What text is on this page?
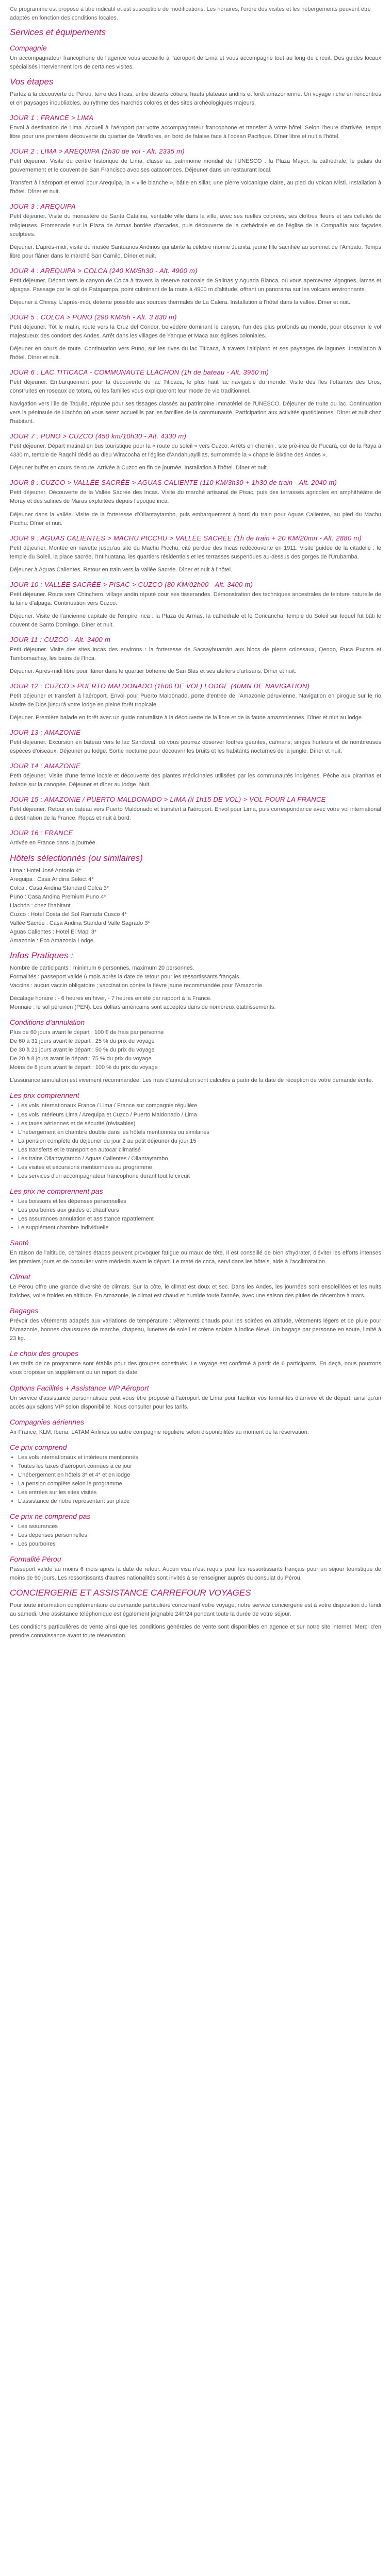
Ce programme est proposé à titre indicatif et est susceptible de modifications. Les horaires, l'ordre des visites et les hébergements peuvent être adaptés en fonction des conditions locales.

Services et équipements
Compagnie

Un accompagnateur francophone de l'agence vous accueille à l'aéroport de Lima et vous accompagne tout au long du circuit. Des guides locaux spécialisés interviennent lors de certaines visites.

Vos étapes

Partez à la découverte du Pérou, terre des Incas, entre déserts côtiers, hauts plateaux andins et forêt amazonienne. Un voyage riche en rencontres et en paysages inoubliables, au rythme des marchés colorés et des sites archéologiques majeurs.

JOUR 1 : FRANCE > LIMA

Envol à destination de Lima. Accueil à l'aéroport par votre accompagnateur francophone et transfert à votre hôtel. Selon l'heure d'arrivée, temps libre pour une première découverte du quartier de Miraflores, en bord de falaise face à l'océan Pacifique. Dîner libre et nuit à l'hôtel.

JOUR 2 : LIMA > AREQUIPA (1h30 de vol - Alt. 2335 m)

Petit déjeuner. Visite du centre historique de Lima, classé au patrimoine mondial de l'UNESCO : la Plaza Mayor, la cathédrale, le palais du gouvernement et le couvent de San Francisco avec ses catacombes. Déjeuner dans un restaurant local.

Transfert à l'aéroport et envol pour Arequipa, la « ville blanche », bâtie en sillar, une pierre volcanique claire, au pied du volcan Misti. Installation à l'hôtel. Dîner et nuit.

JOUR 3 : AREQUIPA

Petit déjeuner. Visite du monastère de Santa Catalina, véritable ville dans la ville, avec ses ruelles colorées, ses cloîtres fleuris et ses cellules de religieuses. Promenade sur la Plaza de Armas bordée d'arcades, puis découverte de la cathédrale et de l'église de la Compañía aux façades sculptées.

Déjeuner. L'après-midi, visite du musée Santuarios Andinos qui abrite la célèbre momie Juanita, jeune fille sacrifiée au sommet de l'Ampato. Temps libre pour flâner dans le marché San Camilo. Dîner et nuit.

JOUR 4 : AREQUIPA > COLCA (240 KM/5h30 - Alt. 4900 m)

Petit déjeuner. Départ vers le canyon de Colca à travers la réserve nationale de Salinas y Aguada Blanca, où vous apercevrez vigognes, lamas et alpagas. Passage par le col de Patapampa, point culminant de la route à 4900 m d'altitude, offrant un panorama sur les volcans environnants.

Déjeuner à Chivay. L'après-midi, détente possible aux sources thermales de La Calera. Installation à l'hôtel dans la vallée. Dîner et nuit.

JOUR 5 : COLCA > PUNO (290 KM/5h - Alt. 3 830 m)

Petit déjeuner. Tôt le matin, route vers la Cruz del Cóndor, belvédère dominant le canyon, l'un des plus profonds au monde, pour observer le vol majestueux des condors des Andes. Arrêt dans les villages de Yanque et Maca aux églises coloniales.

Déjeuner en cours de route. Continuation vers Puno, sur les rives du lac Titicaca, à travers l'altiplano et ses paysages de lagunes. Installation à l'hôtel. Dîner et nuit.

JOUR 6 : LAC TITICACA - COMMUNAUTÉ LLACHON (1h de bateau - Alt. 3950 m)

Petit déjeuner. Embarquement pour la découverte du lac Titicaca, le plus haut lac navigable du monde. Visite des îles flottantes des Uros, construites en roseaux de totora, où les familles vous expliqueront leur mode de vie traditionnel.

Navigation vers l'île de Taquile, réputée pour ses tissages classés au patrimoine immatériel de l'UNESCO. Déjeuner de truite du lac. Continuation vers la péninsule de Llachón où vous serez accueillis par les familles de la communauté. Participation aux activités quotidiennes. Dîner et nuit chez l'habitant.

JOUR 7 : PUNO > CUZCO (450 km/10h30 - Alt. 4330 m)

Petit déjeuner. Départ matinal en bus touristique pour la « route du soleil » vers Cuzco. Arrêts en chemin : site pré-inca de Pucará, col de la Raya à 4330 m, temple de Raqchi dédié au dieu Wiracocha et l'église d'Andahuaylillas, surnommée la « chapelle Sixtine des Andes ».

Déjeuner buffet en cours de route. Arrivée à Cuzco en fin de journée. Installation à l'hôtel. Dîner et nuit.

JOUR 8 : CUZCO > VALLÉE SACRÉE > AGUAS CALIENTE (110 KM/3h30 + 1h30 de train - Alt. 2040 m)

Petit déjeuner. Découverte de la Vallée Sacrée des Incas. Visite du marché artisanal de Pisac, puis des terrasses agricoles en amphithéâtre de Moray et des salines de Maras exploitées depuis l'époque inca.

Déjeuner dans la vallée. Visite de la forteresse d'Ollantaytambo, puis embarquement à bord du train pour Aguas Calientes, au pied du Machu Picchu. Dîner et nuit.

JOUR 9 : AGUAS CALIENTES > MACHU PICCHU > VALLÉE SACRÉE (1h de train + 20 KM/20mn - Alt. 2880 m)

Petit déjeuner. Montée en navette jusqu'au site du Machu Picchu, cité perdue des Incas redécouverte en 1911. Visite guidée de la citadelle : le temple du Soleil, la place sacrée, l'Intihuatana, les quartiers résidentiels et les terrasses suspendues au-dessus des gorges de l'Urubamba.

Déjeuner à Aguas Calientes. Retour en train vers la Vallée Sacrée. Dîner et nuit à l'hôtel.

JOUR 10 : VALLÉE SACRÉE > PISAC > CUZCO (80 KM/02h00 - Alt. 3400 m)

Petit déjeuner. Route vers Chinchero, village andin réputé pour ses tisserandes. Démonstration des techniques ancestrales de teinture naturelle de la laine d'alpaga. Continuation vers Cuzco.

Déjeuner. Visite de l'ancienne capitale de l'empire inca : la Plaza de Armas, la cathédrale et le Coricancha, temple du Soleil sur lequel fut bâti le couvent de Santo Domingo. Dîner et nuit.

JOUR 11 : CUZCO - Alt. 3400 m

Petit déjeuner. Visite des sites incas des environs : la forteresse de Sacsayhuamán aux blocs de pierre colossaux, Qenqo, Puca Pucara et Tambomachay, les bains de l'Inca.

Déjeuner. Après-midi libre pour flâner dans le quartier bohème de San Blas et ses ateliers d'artisans. Dîner et nuit.

JOUR 12 : CUZCO > PUERTO MALDONADO (1h00 DE VOL) LODGE (40MN DE NAVIGATION)

Petit déjeuner et transfert à l'aéroport. Envol pour Puerto Maldonado, porte d'entrée de l'Amazonie péruvienne. Navigation en pirogue sur le río Madre de Dios jusqu'à votre lodge en pleine forêt tropicale.

Déjeuner. Première balade en forêt avec un guide naturaliste à la découverte de la flore et de la faune amazoniennes. Dîner et nuit au lodge.

JOUR 13 : AMAZONIE

Petit déjeuner. Excursion en bateau vers le lac Sandoval, où vous pourrez observer loutres géantes, caïmans, singes hurleurs et de nombreuses espèces d'oiseaux. Déjeuner au lodge. Sortie nocturne pour découvrir les bruits et les habitants nocturnes de la jungle. Dîner et nuit.

JOUR 14 : AMAZONIE

Petit déjeuner. Visite d'une ferme locale et découverte des plantes médicinales utilisées par les communautés indigènes. Pêche aux piranhas et balade sur la canopée. Déjeuner et dîner au lodge. Nuit.

JOUR 15 : AMAZONIE / PUERTO MALDONADO > LIMA (il 1h15 DE VOL) > VOL POUR LA FRANCE

Petit déjeuner. Retour en bateau vers Puerto Maldonado et transfert à l'aéroport. Envol pour Lima, puis correspondance avec votre vol international à destination de la France. Repas et nuit à bord.

JOUR 16 : FRANCE

Arrivée en France dans la journée.

Hôtels sélectionnés (ou similaires)

Lima : Hotel José Antonio 4*
Arequipa : Casa Andina Select 4*
Colca : Casa Andina Standard Colca 3*
Puno : Casa Andina Premium Puno 4*
Llachón : chez l'habitant
Cuzco : Hotel Costa del Sol Ramada Cusco 4*
Vallée Sacrée : Casa Andina Standard Valle Sagrado 3*
Aguas Calientes : Hotel El Mapi 3*
Amazonie : Eco Amazonia Lodge

Infos Pratiques :

Nombre de participants : minimum 6 personnes, maximum 20 personnes.
Formalités : passeport valide 6 mois après la date de retour pour les ressortissants français.
Vaccins : aucun vaccin obligatoire ; vaccination contre la fièvre jaune recommandée pour l'Amazonie.

Décalage horaire : - 6 heures en hiver, - 7 heures en été par rapport à la France.
Monnaie : le sol péruvien (PEN). Les dollars américains sont acceptés dans de nombreux établissements.

Conditions d'annulation

Plus de 60 jours avant le départ : 100 € de frais par personne
De 60 à 31 jours avant le départ : 25 % du prix du voyage
De 30 à 21 jours avant le départ : 50 % du prix du voyage
De 20 à 8 jours avant le départ : 75 % du prix du voyage
Moins de 8 jours avant le départ : 100 % du prix du voyage

L'assurance annulation est vivement recommandée. Les frais d'annulation sont calculés à partir de la date de réception de votre demande écrite.

Les prix comprennent
• Les vols internationaux France / Lima / France sur compagnie régulière
• Les vols intérieurs Lima / Arequipa et Cuzco / Puerto Maldonado / Lima
• Les taxes aériennes et de sécurité (révisables)
• L'hébergement en chambre double dans les hôtels mentionnés ou similaires
• La pension complète du déjeuner du jour 2 au petit déjeuner du jour 15
• Les transferts et le transport en autocar climatisé
• Les trains Ollantaytambo / Aguas Calientes / Ollantaytambo
• Les visites et excursions mentionnées au programme
• Les services d'un accompagnateur francophone durant tout le circuit
Les prix ne comprennent pas
• Les boissons et les dépenses personnelles
• Les pourboires aux guides et chauffeurs
• Les assurances annulation et assistance rapatriement
• Le supplément chambre individuelle
Santé

En raison de l'altitude, certaines étapes peuvent provoquer fatigue ou maux de tête. Il est conseillé de bien s'hydrater, d'éviter les efforts intenses les premiers jours et de consulter votre médecin avant le départ. Le maté de coca, servi dans les hôtels, aide à l'acclimatation.

Climat

Le Pérou offre une grande diversité de climats. Sur la côte, le climat est doux et sec. Dans les Andes, les journées sont ensoleillées et les nuits fraîches, voire froides en altitude. En Amazonie, le climat est chaud et humide toute l'année, avec une saison des pluies de décembre à mars.

Bagages

Prévoir des vêtements adaptés aux variations de température : vêtements chauds pour les soirées en altitude, vêtements légers et de pluie pour l'Amazonie, bonnes chaussures de marche, chapeau, lunettes de soleil et crème solaire à indice élevé. Un bagage par personne en soute, limité à 23 kg.

Le choix des groupes

Les tarifs de ce programme sont établis pour des groupes constitués. Le voyage est confirmé à partir de 6 participants. En deçà, nous pourrons vous proposer un supplément ou un report de date.

Options Facilités + Assistance VIP Aéroport

Un service d'assistance personnalisée peut vous être proposé à l'aéroport de Lima pour faciliter vos formalités d'arrivée et de départ, ainsi qu'un accès aux salons VIP selon disponibilité. Nous consulter pour les tarifs.

Compagnies aériennes

Air France, KLM, Iberia, LATAM Airlines ou autre compagnie régulière selon disponibilités au moment de la réservation.

Ce prix comprend
• Les vols internationaux et intérieurs mentionnés
• Toutes les taxes d'aéroport connues à ce jour
• L'hébergement en hôtels 3* et 4* et en lodge
• La pension complète selon le programme
• Les entrées sur les sites visités
• L'assistance de notre représentant sur place
Ce prix ne comprend pas
• Les assurances
• Les dépenses personnelles
• Les pourboires
Formalité Pérou

Passeport valide au moins 6 mois après la date de retour. Aucun visa n'est requis pour les ressortissants français pour un séjour touristique de moins de 90 jours. Les ressortissants d'autres nationalités sont invités à se renseigner auprès du consulat du Pérou.

CONCIERGERIE ET ASSISTANCE CARREFOUR VOYAGES

Pour toute information complémentaire ou demande particulière concernant votre voyage, notre service conciergerie est à votre disposition du lundi au samedi. Une assistance téléphonique est également joignable 24h/24 pendant toute la durée de votre séjour.

Les conditions particulières de vente ainsi que les conditions générales de vente sont disponibles en agence et sur notre site internet. Merci d'en prendre connaissance avant toute réservation.
